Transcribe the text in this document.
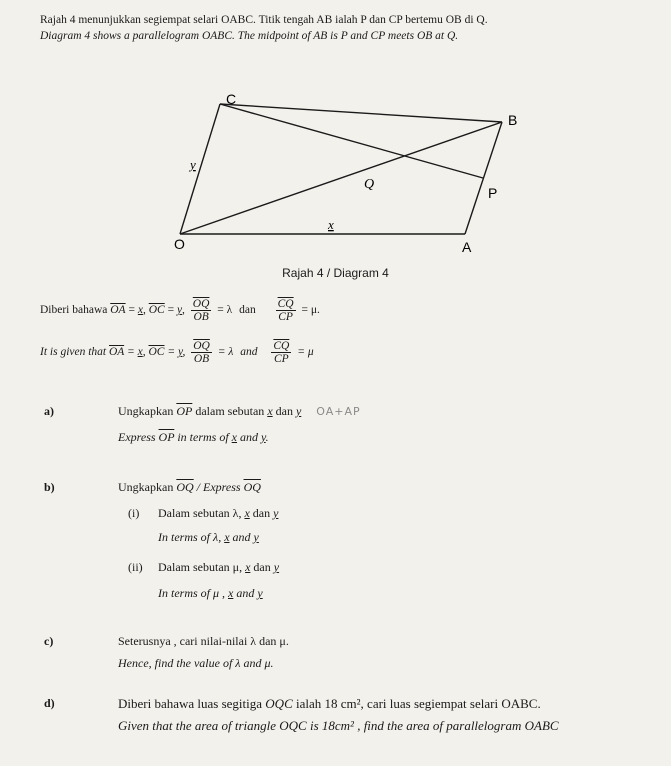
Rajah 4 menunjukkan segiempat selari OABC. Titik tengah AB ialah P dan CP bertemu OB di Q.
Diagram 4 shows a parallelogram OABC. The midpoint of AB is P and CP meets OB at Q.
C
B
Q
P
O	A
y
x
Rajah 4 / Diagram 4
Diberi bahawa $\overline{OA} = x$, $\overline{OC} = y$, $\frac{\overline{OQ}}{OB} = \lambda$ dan $\frac{\overline{CQ}}{CP} = \mu$.
It is given that $\overline{OA} = x$, $\overline{OC} = y$, $\frac{\overline{OQ}}{OB} = \lambda$ and $\frac{\overline{CQ}}{CP} = \mu$
a)	Ungkapkan $\overline{OP}$ dalam sebutan x dan y OA+AP
Express $\overline{OP}$ in terms of x and y.
b)	Ungkapkan $\overline{OQ}$ / Express $\overline{OQ}$
(i) Dalam sebutan λ, x dan y
In terms of λ, x and y
(ii) Dalam sebutan μ, x dan y
In terms of μ , x and y
c)	Seterusnya , cari nilai-nilai λ dan μ.
Hence, find the value of λ and μ.
d)	Diberi bahawa luas segitiga OQC ialah 18 cm², cari luas segiempat selari OABC.
Given that the area of triangle OQC is 18cm² , find the area of parallelogram OABC
